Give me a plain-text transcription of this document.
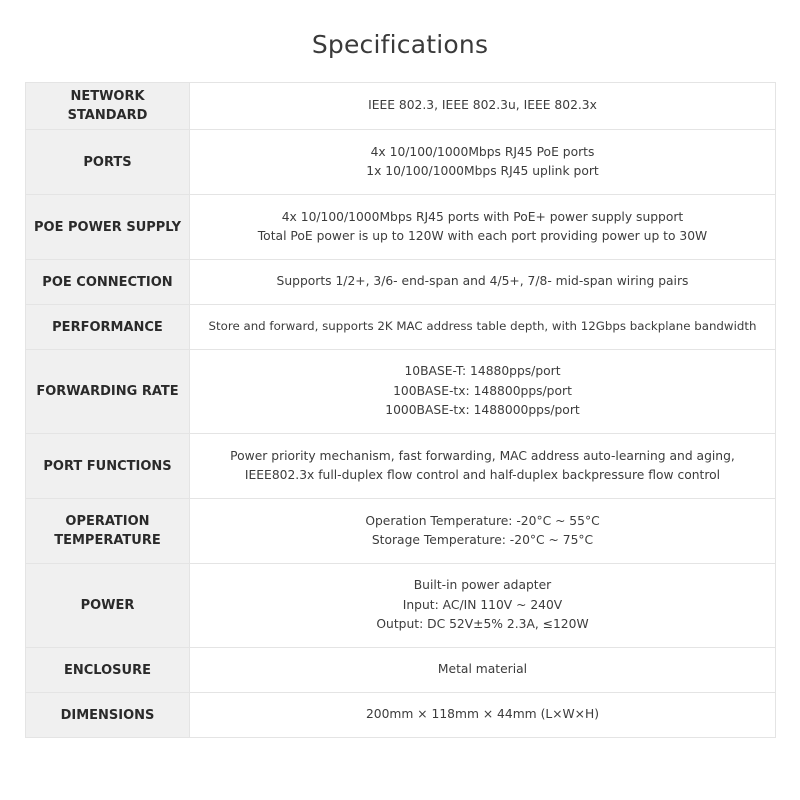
Specifications
NETWORK STANDARD	IEEE 802.3, IEEE 802.3u, IEEE 802.3x

PORTS	4x 10/100/1000Mbps RJ45 PoE ports
1x 10/100/1000Mbps RJ45 uplink port

POE POWER SUPPLY	4x 10/100/1000Mbps RJ45 ports with PoE+ power supply support
Total PoE power is up to 120W with each port providing power up to 30W

POE CONNECTION	Supports 1/2+, 3/6- end-span and 4/5+, 7/8- mid-span wiring pairs

PERFORMANCE	Store and forward, supports 2K MAC address table depth, with 12Gbps backplane bandwidth

FORWARDING RATE	10BASE-T: 14880pps/port
100BASE-tx: 148800pps/port
1000BASE-tx: 1488000pps/port

PORT FUNCTIONS	Power priority mechanism, fast forwarding, MAC address auto-learning and aging, IEEE802.3x full-duplex flow control and half-duplex backpressure flow control

OPERATION TEMPERATURE	Operation Temperature: -20°C ~ 55°C
Storage Temperature: -20°C ~ 75°C

POWER	Built-in power adapter
Input: AC/IN 110V ~ 240V
Output: DC 52V±5% 2.3A, ≤120W

ENCLOSURE	Metal material

DIMENSIONS	200mm × 118mm × 44mm (L×W×H)
